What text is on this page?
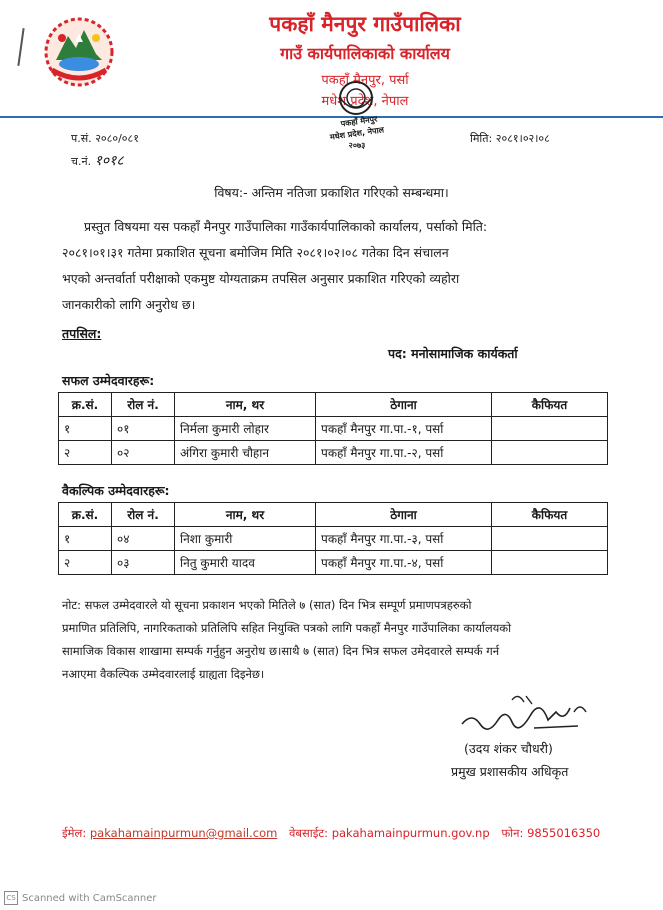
पकहाँ मैनपुर गाउँपालिका
गाउँ कार्यपालिकाको कार्यालय
पकहाँ मैनपुर, पर्सा
मधेश प्रदेश, नेपाल
पकहाँ मैनपुर
मधेश प्रदेश, नेपाल
२०७३
प.सं. २०८०/०८१
च.नं. १०१८
मिति: २०८१।०२।०८
विषय:- अन्तिम नतिजा प्रकाशित गरिएको सम्बन्धमा।
प्रस्तुत विषयमा यस पकहाँ मैनपुर गाउँपालिका गाउँकार्यपालिकाको कार्यालय, पर्साको मिति:
२०८१।०१।३१ गतेमा प्रकाशित सूचना बमोजिम मिति २०८१।०२।०८ गतेका दिन संचालन
भएको अन्तर्वार्ता परीक्षाको एकमुष्ट योग्यताक्रम तपसिल अनुसार प्रकाशित गरिएको व्यहोरा
जानकारीको लागि अनुरोध छ।
तपसिल:
पद: मनोसामाजिक कार्यकर्ता
सफल उम्मेदवारहरू:
क्र.सं.	रोल नं.	नाम, थर	ठेगाना	कैफियत
१	०१	निर्मला कुमारी लोहार	पकहाँ मैनपुर गा.पा.-१, पर्सा	
२	०२	अंगिरा कुमारी चौहान	पकहाँ मैनपुर गा.पा.-२, पर्सा	
वैकल्पिक उम्मेदवारहरू:
क्र.सं.	रोल नं.	नाम, थर	ठेगाना	कैफियत
१	०४	निशा कुमारी	पकहाँ मैनपुर गा.पा.-३, पर्सा	
२	०३	नितु कुमारी यादव	पकहाँ मैनपुर गा.पा.-४, पर्सा	
नोट: सफल उम्मेदवारले यो सूचना प्रकाशन भएको मितिले ७ (सात) दिन भित्र सम्पूर्ण प्रमाणपत्रहरुको
प्रमाणित प्रतिलिपि, नागरिकताको प्रतिलिपि सहित नियुक्ति पत्रको लागि पकहाँ मैनपुर गाउँपालिका कार्यालयको
सामाजिक विकास शाखामा सम्पर्क गर्नुहुन अनुरोध छ।साथै ७ (सात) दिन भित्र सफल उमेदवारले सम्पर्क गर्न
नआएमा वैकल्पिक उम्मेदवारलाई ग्राह्यता दिइनेछ।
(उदय शंकर चौधरी)
प्रमुख प्रशासकीय अधिकृत
ईमेल: pakahamainpurmun@gmail.com वेबसाईट: pakahamainpurmun.gov.np फोन: 9855016350
CS Scanned with CamScanner
